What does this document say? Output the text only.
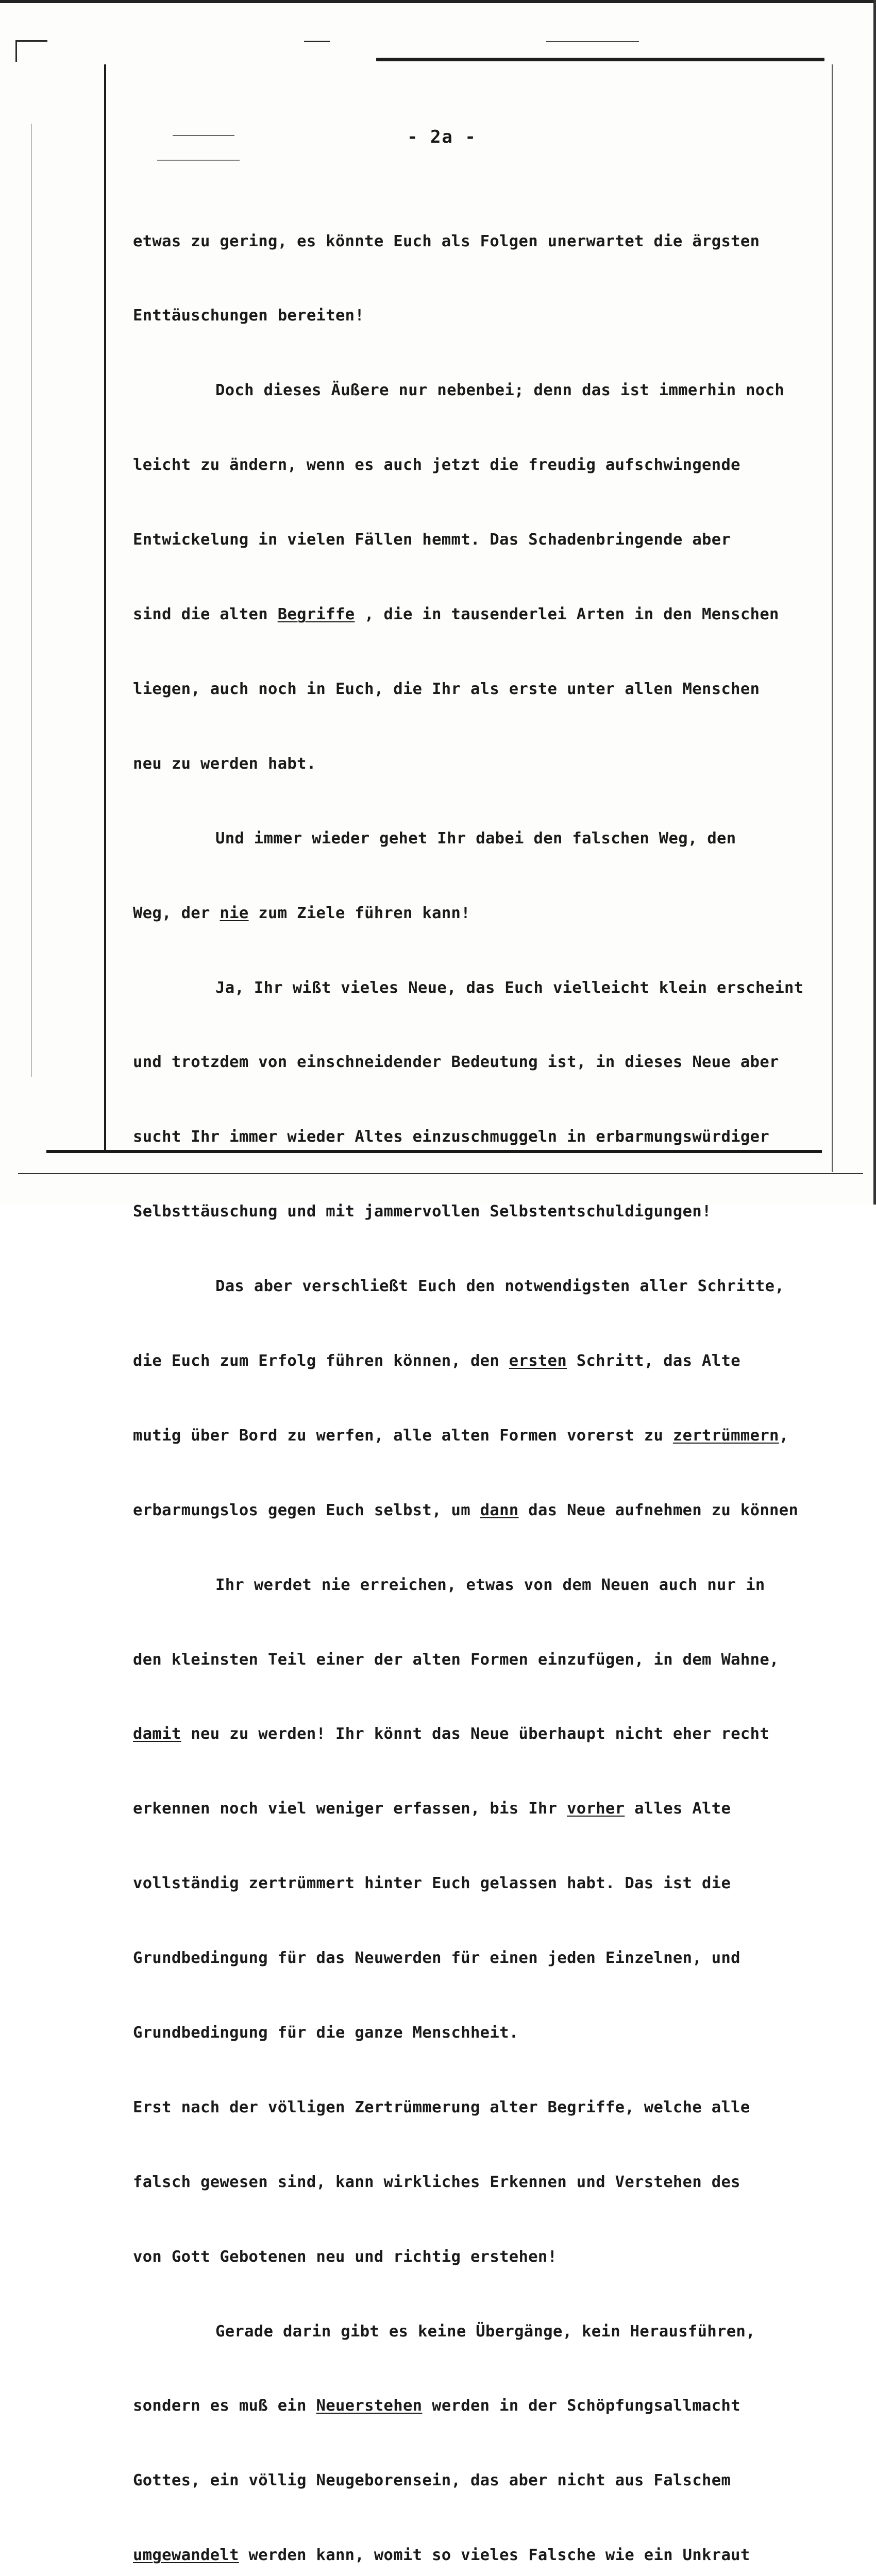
- 2a -

etwas zu gering, es könnte Euch als Folgen unerwartet die ärgsten

Enttäuschungen bereiten!

Doch dieses Äußere nur nebenbei; denn das ist immerhin noch

leicht zu ändern, wenn es auch jetzt die freudig aufschwingende

Entwickelung in vielen Fällen hemmt. Das Schadenbringende aber

sind die alten Begriffe , die in tausenderlei Arten in den Menschen

liegen, auch noch in Euch, die Ihr als erste unter allen Menschen

neu zu werden habt.

Und immer wieder gehet Ihr dabei den falschen Weg, den

Weg, der nie zum Ziele führen kann!

Ja, Ihr wißt vieles Neue, das Euch vielleicht klein erscheint

und trotzdem von einschneidender Bedeutung ist, in dieses Neue aber

sucht Ihr immer wieder Altes einzuschmuggeln in erbarmungswürdiger

Selbsttäuschung und mit jammervollen Selbstentschuldigungen!

Das aber verschließt Euch den notwendigsten aller Schritte,

die Euch zum Erfolg führen können, den ersten Schritt, das Alte

mutig über Bord zu werfen, alle alten Formen vorerst zu zertrümmern,

erbarmungslos gegen Euch selbst, um dann das Neue aufnehmen zu können

Ihr werdet nie erreichen, etwas von dem Neuen auch nur in

den kleinsten Teil einer der alten Formen einzufügen, in dem Wahne,

damit neu zu werden! Ihr könnt das Neue überhaupt nicht eher recht

erkennen noch viel weniger erfassen, bis Ihr vorher alles Alte

vollständig zertrümmert hinter Euch gelassen habt. Das ist die

Grundbedingung für das Neuwerden für einen jeden Einzelnen, und

Grundbedingung für die ganze Menschheit.

Erst nach der völligen Zertrümmerung alter Begriffe, welche alle

falsch gewesen sind, kann wirkliches Erkennen und Verstehen des

von Gott Gebotenen neu und richtig erstehen!

Gerade darin gibt es keine Übergänge, kein Herausführen,

sondern es muß ein Neuerstehen werden in der Schöpfungsallmacht

Gottes, ein völlig Neugeborensein, das aber nicht aus Falschem

umgewandelt werden kann, womit so vieles Falsche wie ein Unkraut
